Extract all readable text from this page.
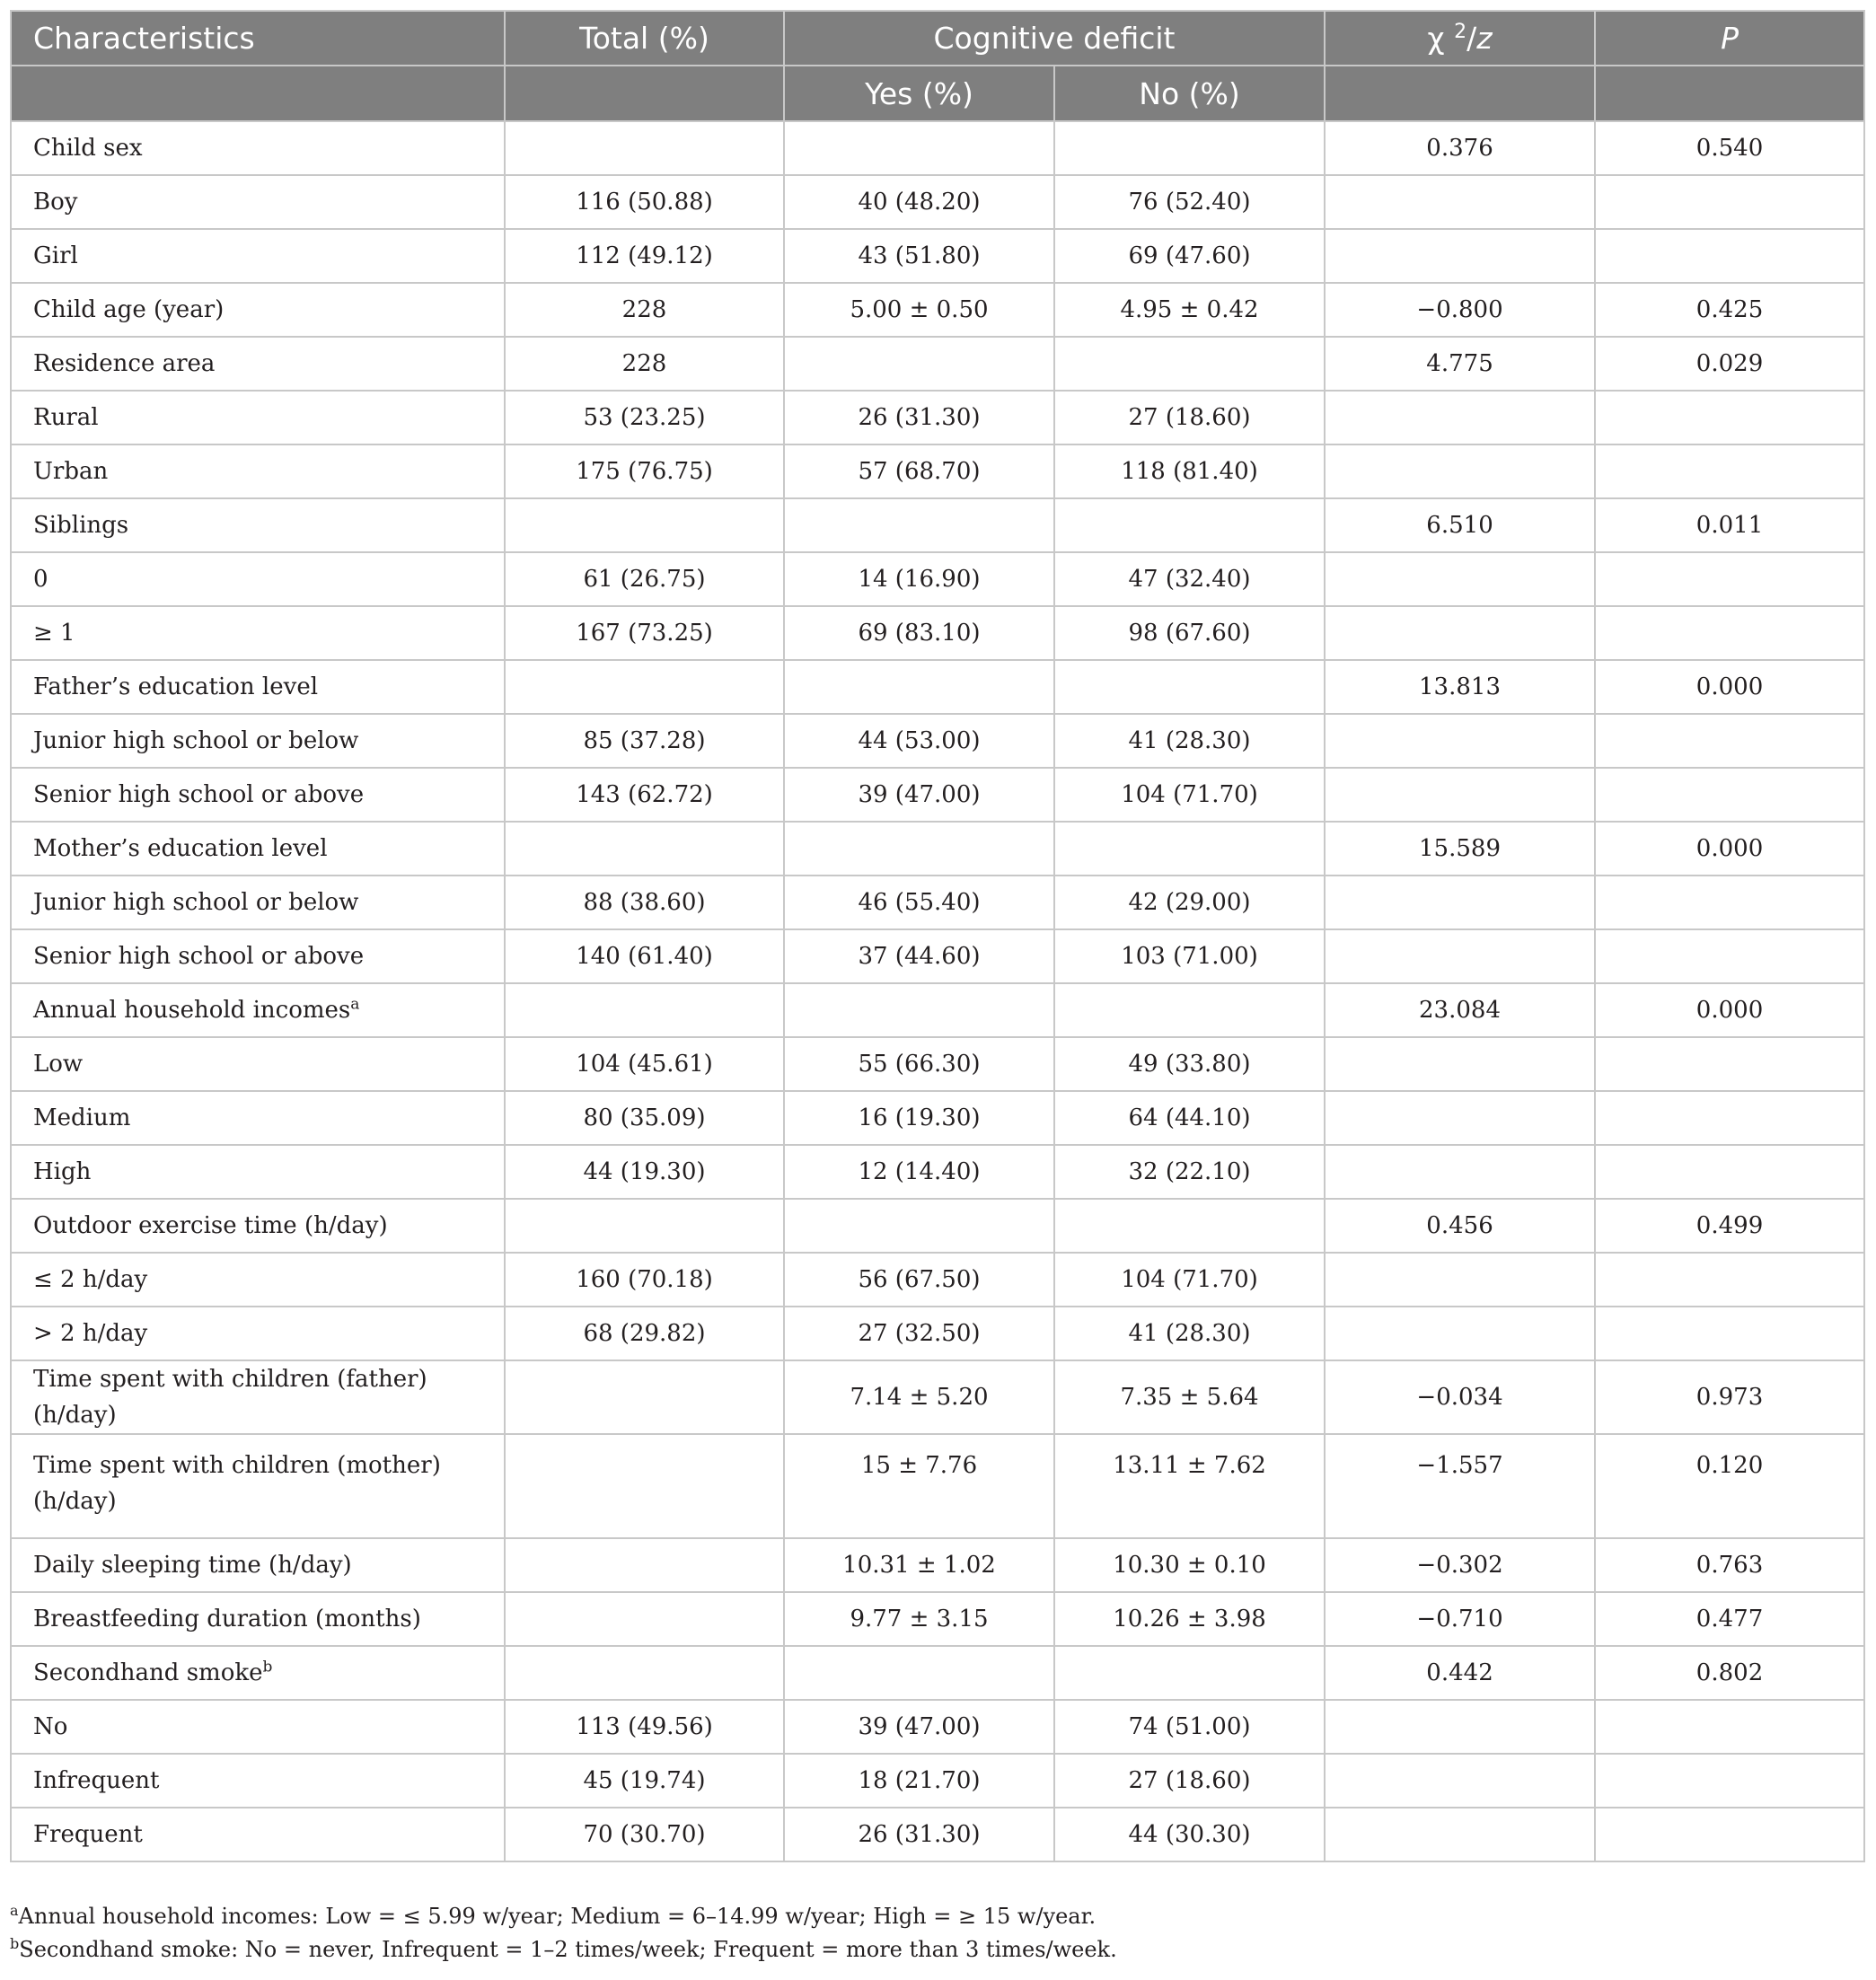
Characteristics	Total (%)	Cognitive deficit		χ $^2$/z	P
		Yes (%)	No (%)		
Child sex				0.376	0.540
Boy	116 (50.88)	40 (48.20)	76 (52.40)		
Girl	112 (49.12)	43 (51.80)	69 (47.60)		
Child age (year)	228	5.00 ± 0.50	4.95 ± 0.42	−0.800	0.425
Residence area	228			4.775	0.029
Rural	53 (23.25)	26 (31.30)	27 (18.60)		
Urban	175 (76.75)	57 (68.70)	118 (81.40)		
Siblings				6.510	0.011
0	61 (26.75)	14 (16.90)	47 (32.40)		
≥ 1	167 (73.25)	69 (83.10)	98 (67.60)		
Father’s education level				13.813	0.000
Junior high school or below	85 (37.28)	44 (53.00)	41 (28.30)		
Senior high school or above	143 (62.72)	39 (47.00)	104 (71.70)		
Mother’s education level				15.589	0.000
Junior high school or below	88 (38.60)	46 (55.40)	42 (29.00)		
Senior high school or above	140 (61.40)	37 (44.60)	103 (71.00)		
Annual household incomes$^a$				23.084	0.000
Low	104 (45.61)	55 (66.30)	49 (33.80)		
Medium	80 (35.09)	16 (19.30)	64 (44.10)		
High	44 (19.30)	12 (14.40)	32 (22.10)		
Outdoor exercise time (h/day)				0.456	0.499
≤ 2 h/day	160 (70.18)	56 (67.50)	104 (71.70)		
> 2 h/day	68 (29.82)	27 (32.50)	41 (28.30)		
Time spent with children (father) (h/day)		7.14 ± 5.20	7.35 ± 5.64	−0.034	0.973
Time spent with children (mother)
(h/day)		15 ± 7.76	13.11 ± 7.62	−1.557	0.120
Daily sleeping time (h/day)		10.31 ± 1.02	10.30 ± 0.10	−0.302	0.763
Breastfeeding duration (months)		9.77 ± 3.15	10.26 ± 3.98	−0.710	0.477
Secondhand smoke$^b$				0.442	0.802
No	113 (49.56)	39 (47.00)	74 (51.00)		
Infrequent	45 (19.74)	18 (21.70)	27 (18.60)		
Frequent	70 (30.70)	26 (31.30)	44 (30.30)		
$^a$Annual household incomes: Low = ≤ 5.99 w/year; Medium = 6–14.99 w/year; High = ≥ 15 w/year.
$^b$Secondhand smoke: No = never, Infrequent = 1–2 times/week; Frequent = more than 3 times/week.
